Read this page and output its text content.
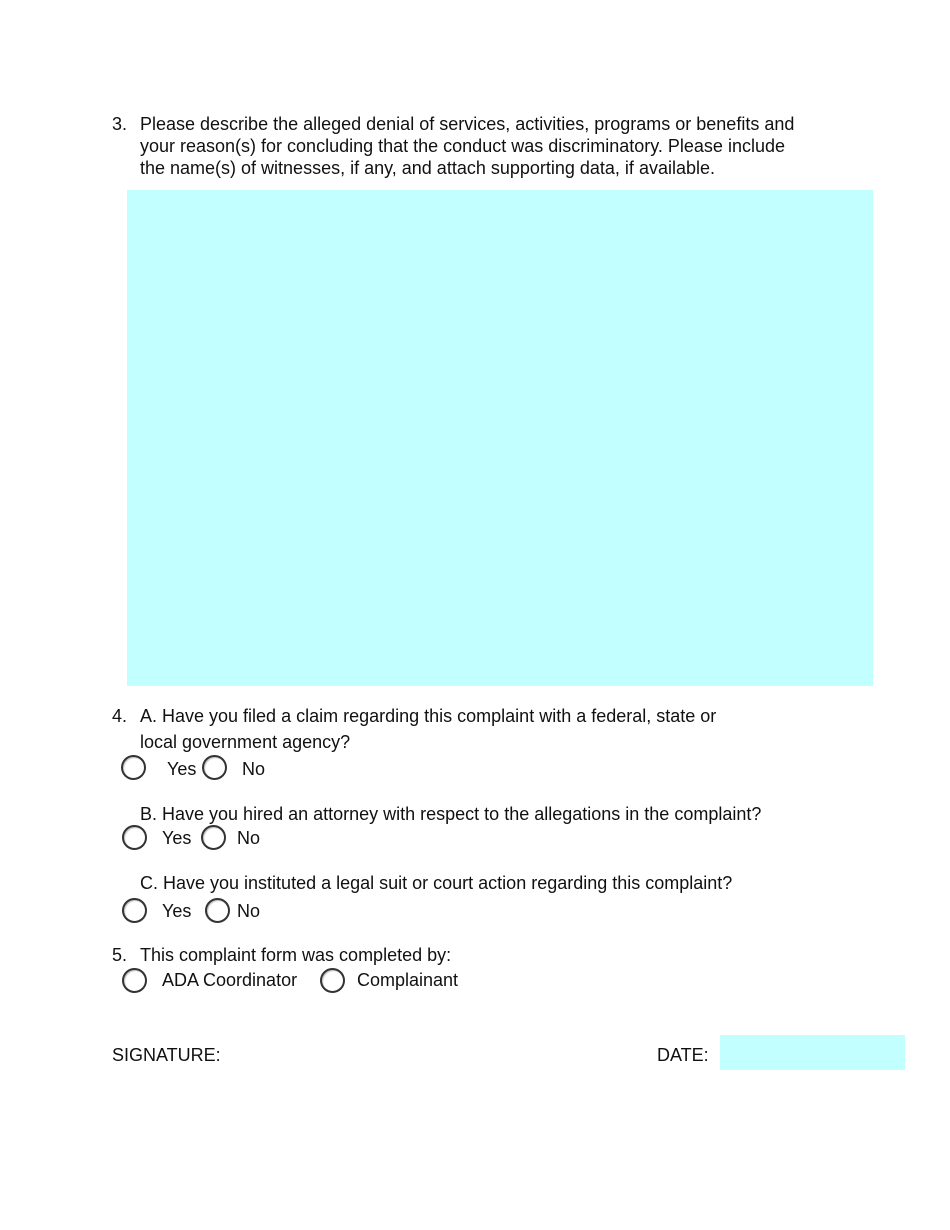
3. Please describe the alleged denial of services, activities, programs or benefits and
your reason(s) for concluding that the conduct was discriminatory. Please include
the name(s) of witnesses, if any, and attach supporting data, if available.
4. A. Have you filed a claim regarding this complaint with a federal, state or
local government agency?
Yes	No
B. Have you hired an attorney with respect to the allegations in the complaint?
Yes	No
C. Have you instituted a legal suit or court action regarding this complaint?
Yes	No
5. This complaint form was completed by:
ADA Coordinator	Complainant
SIGNATURE:	DATE:
